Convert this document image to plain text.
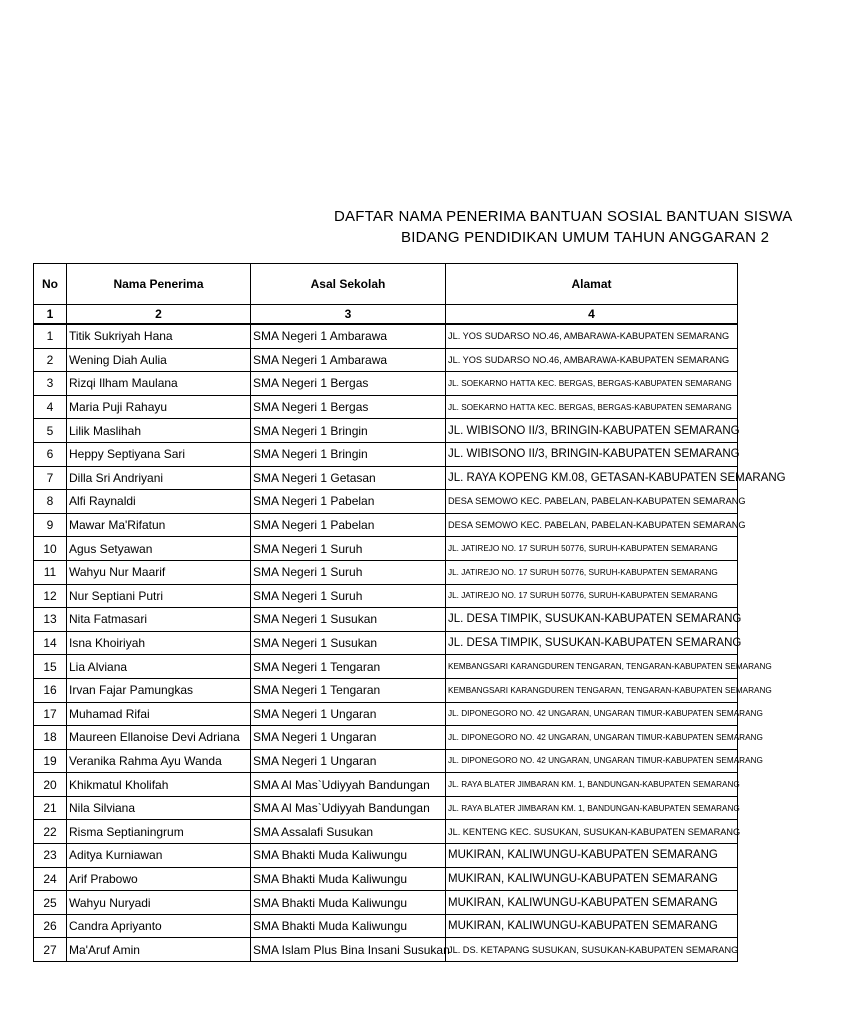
DAFTAR NAMA PENERIMA BANTUAN SOSIAL BANTUAN SISWA
BIDANG PENDIDIKAN UMUM TAHUN ANGGARAN 2
No	Nama Penerima	Asal Sekolah	Alamat
1	2	3	4
1	Titik Sukriyah Hana	SMA Negeri 1 Ambarawa	JL. YOS SUDARSO NO.46, AMBARAWA-KABUPATEN SEMARANG
2	Wening Diah Aulia	SMA Negeri 1 Ambarawa	JL. YOS SUDARSO NO.46, AMBARAWA-KABUPATEN SEMARANG
3	Rizqi Ilham Maulana	SMA Negeri 1 Bergas	JL. SOEKARNO HATTA KEC. BERGAS, BERGAS-KABUPATEN SEMARANG
4	Maria Puji Rahayu	SMA Negeri 1 Bergas	JL. SOEKARNO HATTA KEC. BERGAS, BERGAS-KABUPATEN SEMARANG
5	Lilik Maslihah	SMA Negeri 1 Bringin	JL. WIBISONO II/3, BRINGIN-KABUPATEN SEMARANG
6	Heppy Septiyana Sari	SMA Negeri 1 Bringin	JL. WIBISONO II/3, BRINGIN-KABUPATEN SEMARANG
7	Dilla Sri Andriyani	SMA Negeri 1 Getasan	JL. RAYA KOPENG KM.08, GETASAN-KABUPATEN SEMARANG
8	Alfi Raynaldi	SMA Negeri 1 Pabelan	DESA SEMOWO KEC. PABELAN, PABELAN-KABUPATEN SEMARANG
9	Mawar Ma'Rifatun	SMA Negeri 1 Pabelan	DESA SEMOWO KEC. PABELAN, PABELAN-KABUPATEN SEMARANG
10	Agus Setyawan	SMA Negeri 1 Suruh	JL. JATIREJO NO. 17 SURUH 50776, SURUH-KABUPATEN SEMARANG
11	Wahyu Nur Maarif	SMA Negeri 1 Suruh	JL. JATIREJO NO. 17 SURUH 50776, SURUH-KABUPATEN SEMARANG
12	Nur Septiani Putri	SMA Negeri 1 Suruh	JL. JATIREJO NO. 17 SURUH 50776, SURUH-KABUPATEN SEMARANG
13	Nita Fatmasari	SMA Negeri 1 Susukan	JL. DESA TIMPIK, SUSUKAN-KABUPATEN SEMARANG
14	Isna Khoiriyah	SMA Negeri 1 Susukan	JL. DESA TIMPIK, SUSUKAN-KABUPATEN SEMARANG
15	Lia Alviana	SMA Negeri 1 Tengaran	KEMBANGSARI KARANGDUREN TENGARAN, TENGARAN-KABUPATEN SEMARANG
16	Irvan Fajar Pamungkas	SMA Negeri 1 Tengaran	KEMBANGSARI KARANGDUREN TENGARAN, TENGARAN-KABUPATEN SEMARANG
17	Muhamad Rifai	SMA Negeri 1 Ungaran	JL. DIPONEGORO NO. 42 UNGARAN, UNGARAN TIMUR-KABUPATEN SEMARANG
18	Maureen Ellanoise Devi Adriana	SMA Negeri 1 Ungaran	JL. DIPONEGORO NO. 42 UNGARAN, UNGARAN TIMUR-KABUPATEN SEMARANG
19	Veranika Rahma Ayu Wanda	SMA Negeri 1 Ungaran	JL. DIPONEGORO NO. 42 UNGARAN, UNGARAN TIMUR-KABUPATEN SEMARANG
20	Khikmatul Kholifah	SMA Al Mas`Udiyyah Bandungan	JL. RAYA BLATER JIMBARAN KM. 1, BANDUNGAN-KABUPATEN SEMARANG
21	Nila Silviana	SMA Al Mas`Udiyyah Bandungan	JL. RAYA BLATER JIMBARAN KM. 1, BANDUNGAN-KABUPATEN SEMARANG
22	Risma Septianingrum	SMA Assalafi Susukan	JL. KENTENG KEC. SUSUKAN, SUSUKAN-KABUPATEN SEMARANG
23	Aditya Kurniawan	SMA Bhakti Muda Kaliwungu	MUKIRAN, KALIWUNGU-KABUPATEN SEMARANG
24	Arif Prabowo	SMA Bhakti Muda Kaliwungu	MUKIRAN, KALIWUNGU-KABUPATEN SEMARANG
25	Wahyu Nuryadi	SMA Bhakti Muda Kaliwungu	MUKIRAN, KALIWUNGU-KABUPATEN SEMARANG
26	Candra Apriyanto	SMA Bhakti Muda Kaliwungu	MUKIRAN, KALIWUNGU-KABUPATEN SEMARANG
27	Ma'Aruf Amin	SMA Islam Plus Bina Insani Susukan	JL. DS. KETAPANG SUSUKAN, SUSUKAN-KABUPATEN SEMARANG
